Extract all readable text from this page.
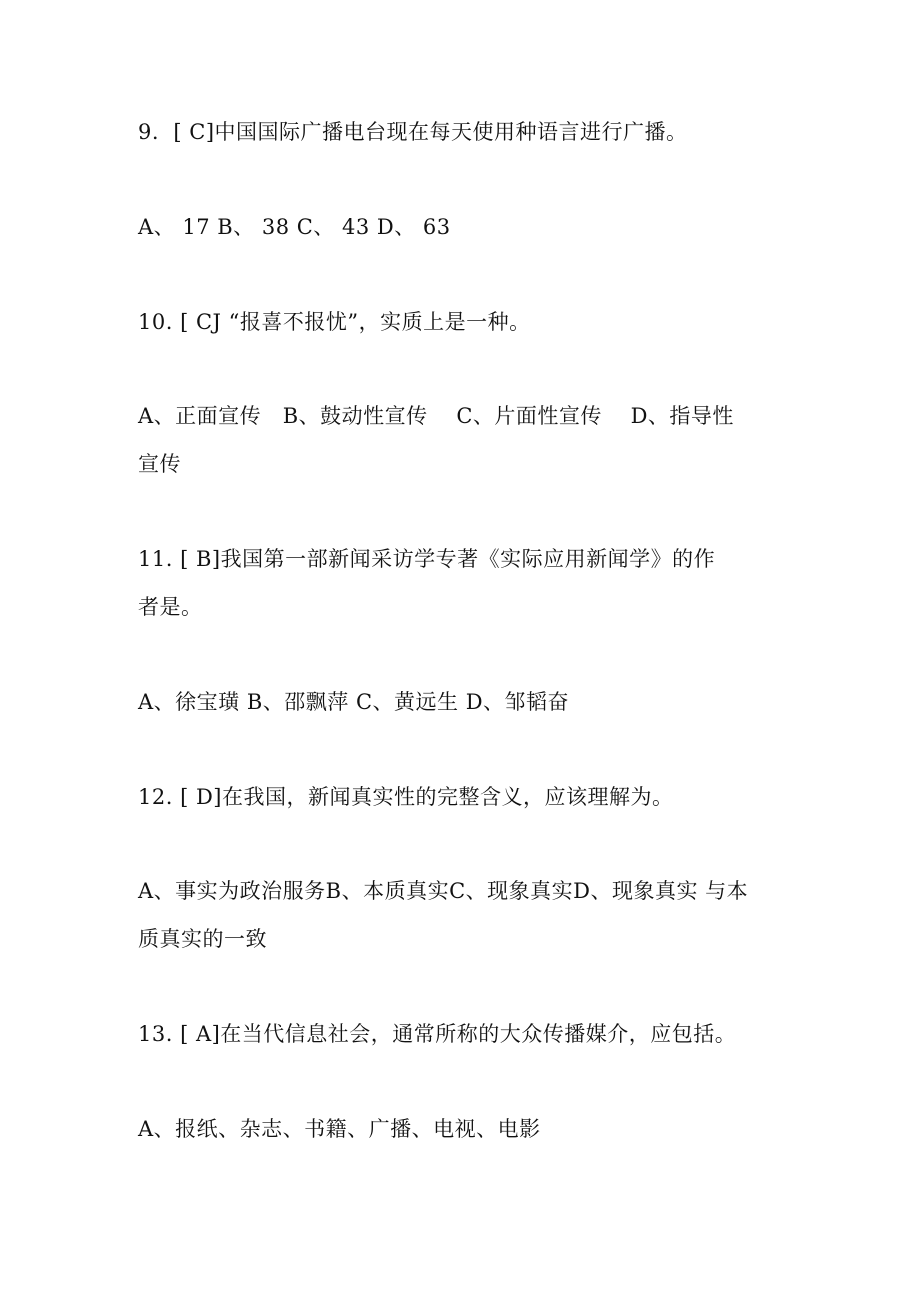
9.  [ C]中国国际广播电台现在每天使用种语言进行广播。
A、 17 B、 38 C、 43 D、 63
10. [ CJ “报喜不报忧”，实质上是一种。
A、正面宣传   B、鼓动性宣传    C、片面性宣传    D、指导性
宣传
11. [ B]我国第一部新闻采访学专著《实际应用新闻学》的作
者是。
A、徐宝璜 B、邵飘萍 C、黄远生 D、邹韬奋
12. [ D]在我国，新闻真实性的完整含义，应该理解为。
A、事实为政治服务B、本质真实C、现象真实D、现象真实 与本
质真实的一致
13. [ A]在当代信息社会，通常所称的大众传播媒介，应包括。
A、报纸、杂志、书籍、广播、电视、电影
